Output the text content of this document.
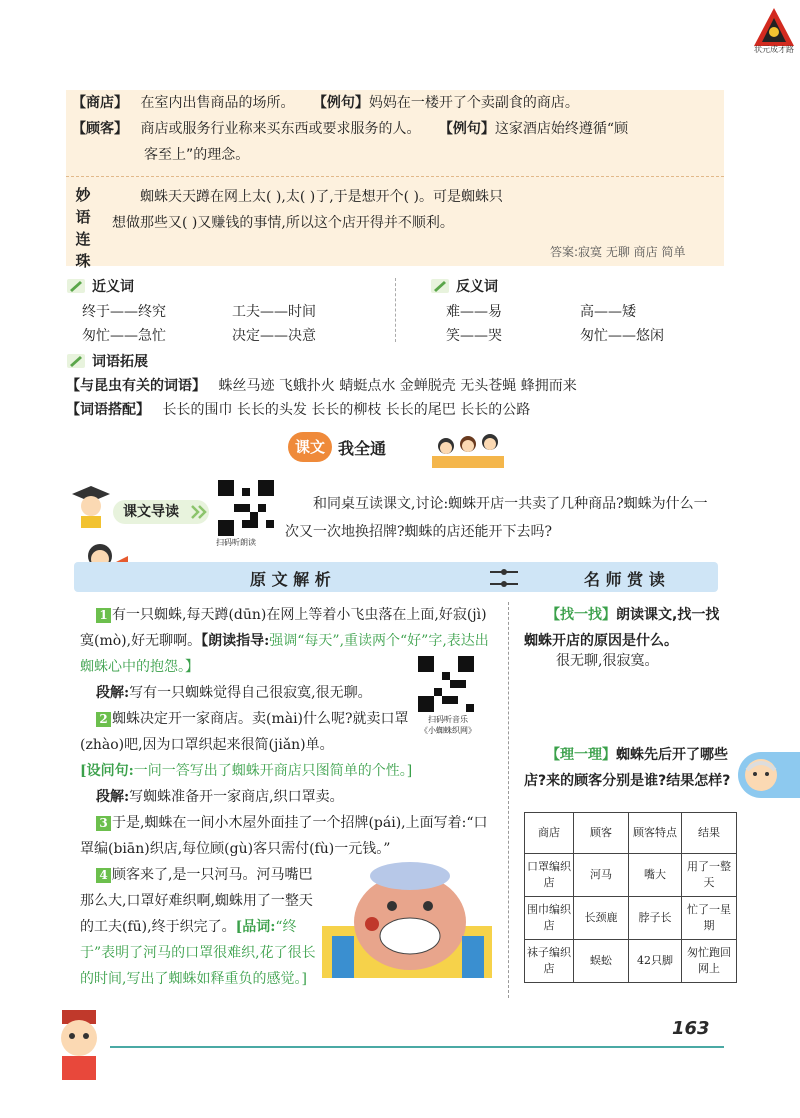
状元成才路
【商店】 在室内出售商品的场所。 【例句】妈妈在一楼开了个卖副食的商店。
【顾客】 商店或服务行业称来买东西或要求服务的人。 【例句】这家酒店始终遵循“顾
客至上”的理念。
妙
语
连
珠
蜘蛛天天蹲在网上太( ),太( )了,于是想开个( )。可是蜘蛛只
想做那些又( )又赚钱的事情,所以这个店开得并不顺利。
答案:寂寞 无聊 商店 简单
近义词
终于——终究	工夫——时间
匆忙——急忙	决定——决意
反义词
难——易	高——矮
笑——哭	匆忙——悠闲
词语拓展
【与昆虫有关的词语】 蛛丝马迹 飞蛾扑火 蜻蜓点水 金蝉脱壳 无头苍蝇 蜂拥而来
【词语搭配】 长长的围巾 长长的头发 长长的柳枝 长长的尾巴 长长的公路
课文 我全通
课文导读
扫码听朗读
和同桌互读课文,讨论:蜘蛛开店一共卖了几种商品?蜘蛛为什么一次又一次地换招牌?蜘蛛的店还能开下去吗?
原 文 解 析	名 师 赏 读
1 有一只蜘蛛,每天蹲(dūn)在网上等着小飞虫落在上面,好寂(jì)寞(mò),好无聊啊。【朗读指导:强调“每天”,重读两个“好”字,表达出蜘蛛心中的抱怨。】
段解:写有一只蜘蛛觉得自己很寂寞,很无聊。
扫码听音乐
《小蜘蛛织网》
2 蜘蛛决定开一家商店。卖(mài)什么呢?就卖口罩(zhào)吧,因为口罩织起来很简(jiǎn)单。
[设问句:一问一答写出了蜘蛛开商店只图简单的个性。]
段解:写蜘蛛准备开一家商店,织口罩卖。
3 于是,蜘蛛在一间小木屋外面挂了一个招牌(pái),上面写着:“口罩编(biān)织店,每位顾(gù)客只需付(fù)一元钱。”
4 顾客来了,是一只河马。河马嘴巴那么大,口罩好难织啊,蜘蛛用了一整天的工夫(fū),终于织完了。[品词:“终于”表明了河马的口罩很难织,花了很长的时间,写出了蜘蛛如释重负的感觉。]
【找一找】朗读课文,找一找蜘蛛开店的原因是什么。
很无聊,很寂寞。
【理一理】蜘蛛先后开了哪些店?来的顾客分别是谁?结果怎样?
商店	顾客	顾客特点	结果
口罩编织店	河马	嘴大	用了一整天
围巾编织店	长颈鹿	脖子长	忙了一星期
袜子编织店	蜈蚣	42只脚	匆忙跑回网上
163
